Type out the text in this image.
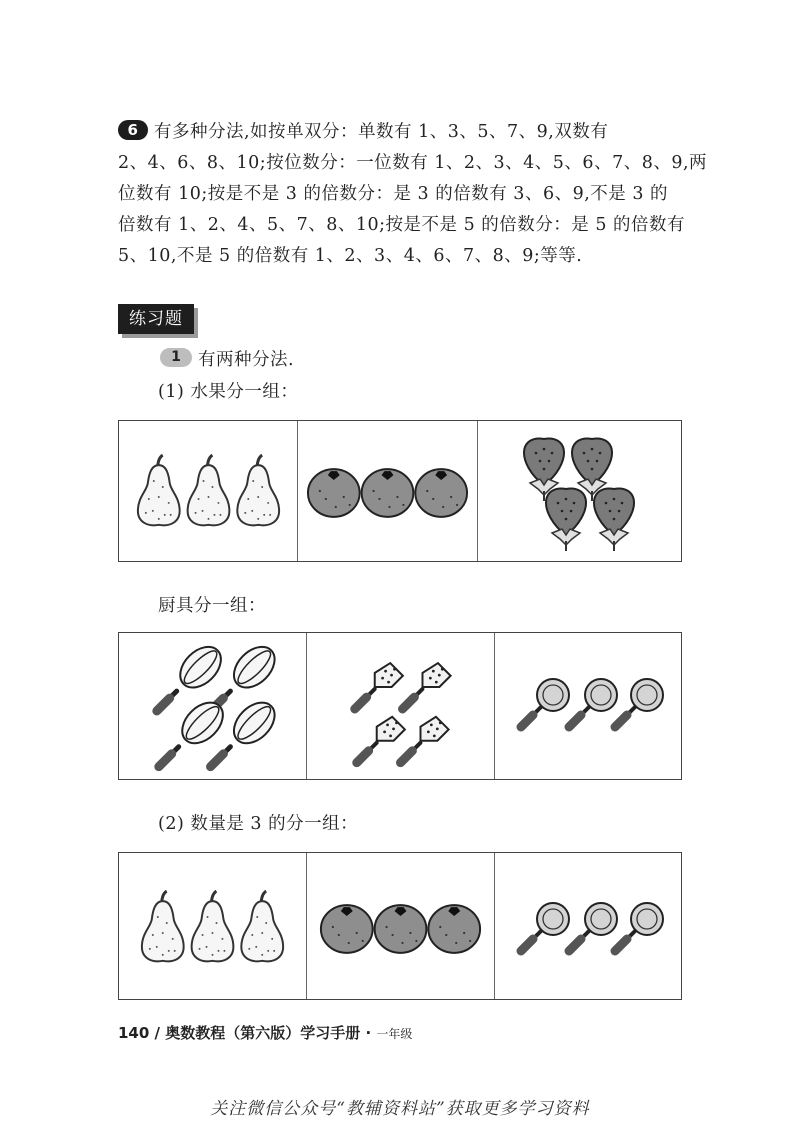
6 有多种分法,如按单双分：单数有 1、3、5、7、9,双数有
2、4、6、8、10;按位数分：一位数有 1、2、3、4、5、6、7、8、9,两
位数有 10;按是不是 3 的倍数分：是 3 的倍数有 3、6、9,不是 3 的
倍数有 1、2、4、5、7、8、10;按是不是 5 的倍数分：是 5 的倍数有
5、10,不是 5 的倍数有 1、2、3、4、6、7、8、9;等等.
练习题
1 有两种分法.
(1) 水果分一组：
厨具分一组：
(2) 数量是 3 的分一组：
140 / 奥数教程（第六版）学习手册 · 一年级
关注微信公众号“教辅资料站”获取更多学习资料
